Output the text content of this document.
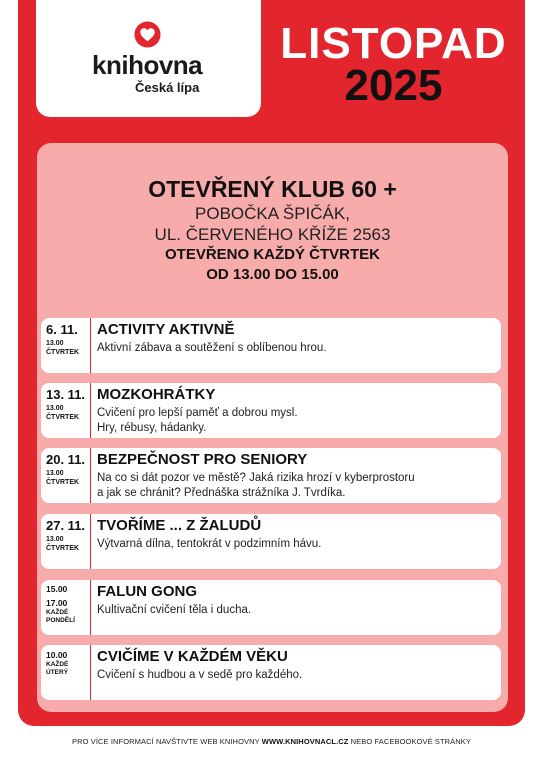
knihovna
Česká lípa
LISTOPAD
2025
OTEVŘENÝ KLUB 60 +
POBOČKA ŠPIČÁK,
UL. ČERVENÉHO KŘÍŽE 2563
OTEVŘENO KAŽDÝ ČTVRTEK
OD 13.00 DO 15.00
6. 11.
13.00
ČTVRTEK
ACTIVITY AKTIVNĚ
Aktivní zábava a soutěžení s oblíbenou hrou.
13. 11.
13.00
ČTVRTEK
MOZKOHRÁTKY
Cvičení pro lepší paměť a dobrou mysl.
Hry, rébusy, hádanky.
20. 11.
13.00
ČTVRTEK
BEZPEČNOST PRO SENIORY
Na co si dát pozor ve městě? Jaká rizika hrozí v kyberprostoru
a jak se chránit? Přednáška strážníka J. Tvrdíka.
27. 11.
13.00
ČTVRTEK
TVOŘÍME ... Z ŽALUDŮ
Výtvarná dílna, tentokrát v podzimním hávu.
15.00
17.00
KAŽDÉ
PONDĚLÍ
FALUN GONG
Kultivační cvičení těla i ducha.
10.00
KAŽDÉ
ÚTERÝ
CVIČÍME V KAŽDÉM VĚKU
Cvičení s hudbou a v sedě pro každého.
PRO VÍCE INFORMACÍ NAVŠTIVTE WEB KNIHOVNY WWW.KNIHOVNACL.CZ NEBO FACEBOOKOVÉ STRÁNKY
